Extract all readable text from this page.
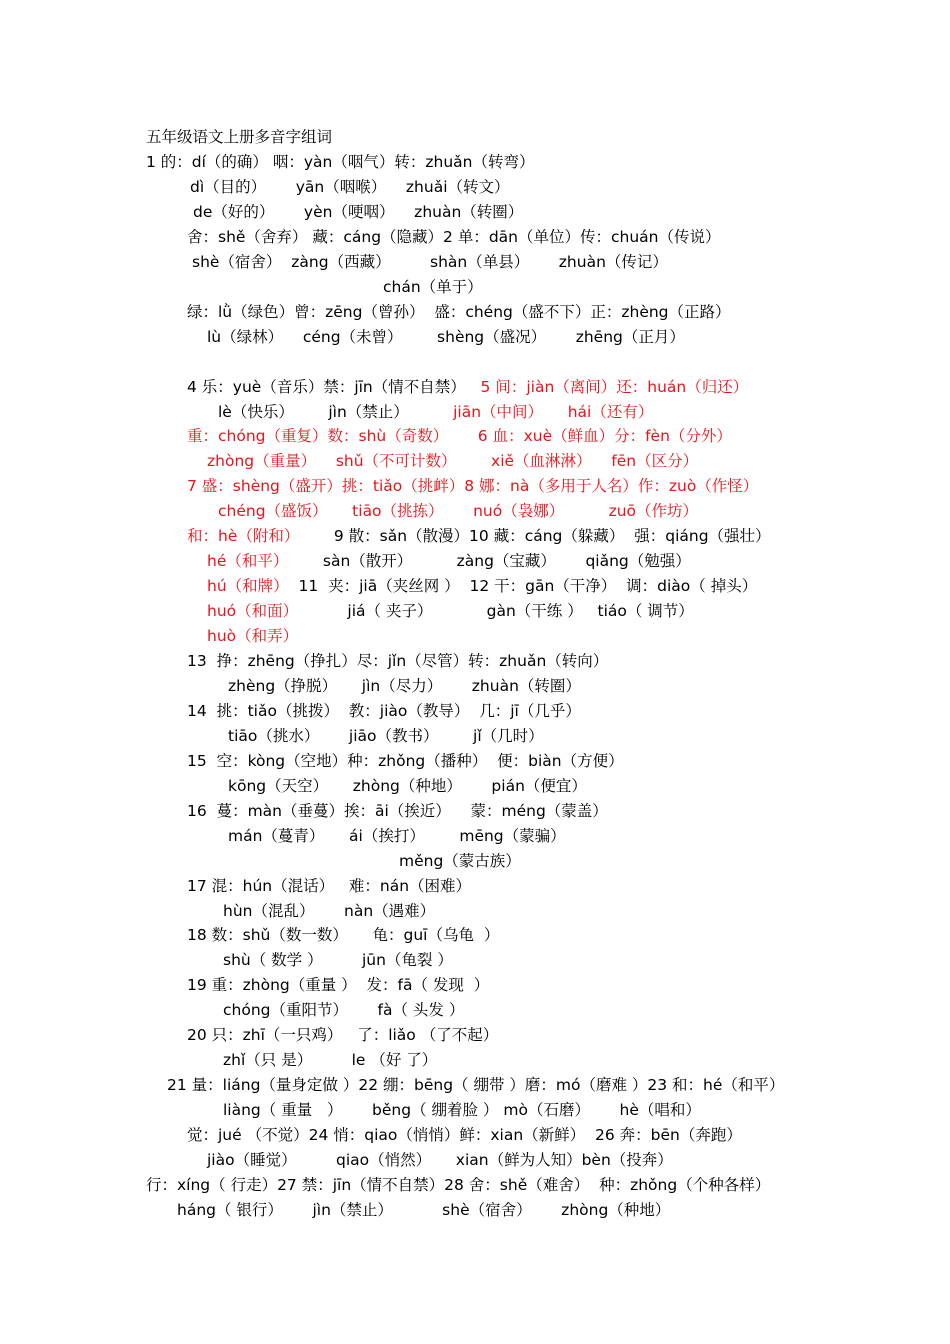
五年级语文上册多音字组词
1 的：dí（的确） 咽：yàn（咽气）转：zhuǎn（转弯）
dì（目的）      yān（咽喉）    zhuǎi（转文）
de（好的）      yèn（哽咽）    zhuàn（转圈）
舍：shě（舍弃） 藏：cáng（隐藏）2 单：dān（单位）传：chuán（传说）
shè（宿舍）  zàng（西藏）        shàn（单县）      zhuàn（传记）
chán（单于）
绿：lǜ（绿色）曾：zēng（曾孙）  盛：chéng（盛不下）正：zhèng（正路）
lù（绿林）    céng（未曾）       shèng（盛况）      zhēng（正月）
4 乐：yuè（音乐）禁：jīn（情不自禁）   5 间：jiàn（离间）还：huán（归还）
lè（快乐）       jìn（禁止）         jiān（中间）     hái（还有）
重：chóng（重复）数：shù（奇数）      6 血：xuè（鲜血）分：fèn（分外）
zhòng（重量）    shǔ（不可计数）       xiě（血淋淋）    fēn（区分）
7 盛：shèng（盛开）挑：tiǎo（挑衅）8 娜：nà（多用于人名）作：zuò（作怪）
chéng（盛饭）     tiāo（挑拣）      nuó（袅娜）         zuō（作坊）
和：hè（附和）       9 散：sǎn（散漫）10 藏：cáng（躲藏）  强：qiáng（强壮）
hé（和平）       sàn（散开）         zàng（宝藏）      qiǎng（勉强）
hú（和牌）  11  夹：jiā（夹丝网 ）  12 干：gān（干净）  调：diào（ 掉头）
huó（和面）          jiá（ 夹子）           gàn（干练 ）   tiáo（ 调节）
huò（和弄）
13  挣：zhēng（挣扎）尽：jǐn（尽管）转：zhuǎn（转向）
zhèng（挣脱）     jìn（尽力）      zhuàn（转圈）
14  挑：tiǎo（挑拨）  教：jiào（教导）  几：jī（几乎）
tiāo（挑水）      jiāo（教书）       jǐ（几时）
15  空：kòng（空地）种：zhǒng（播种）  便：biàn（方便）
kōng（天空）     zhòng（种地）      pián（便宜）
16  蔓：màn（垂蔓）挨：āi（挨近）    蒙：méng（蒙盖）
mán（蔓青）     ái（挨打）       mēng（蒙骗）
měng（蒙古族）
17 混：hún（混话）   难：nán（困难）
hùn（混乱）      nàn（遇难）
18 数：shǔ（数一数）     龟：guī（乌龟  ）
shù（ 数学 ）        jūn（龟裂 ）
19 重：zhòng（重量 ）  发：fā（ 发现  ）
chóng（重阳节）      fà（ 头发 ）
20 只：zhī（一只鸡）   了：liǎo （了不起）
zhǐ（只 是）        le （好 了）
21 量：liáng（量身定做 ）22 绷：bēng（ 绷带 ）磨：mó（磨难 ）23 和：hé（和平）
liàng（ 重量   ）      běng（ 绷着脸 ） mò（石磨）      hè（唱和）
觉：jué （不觉）24 悄：qiao（悄悄）鲜：xian（新鲜）  26 奔：bēn（奔跑）
jiào（睡觉）        qiao（悄然）     xian（鲜为人知）bèn（投奔）
行：xíng（ 行走）27 禁：jīn（情不自禁）28 舍：shě（难舍）  种：zhǒng（个种各样）
háng（ 银行）      jìn（禁止）          shè（宿舍）      zhòng（种地）
